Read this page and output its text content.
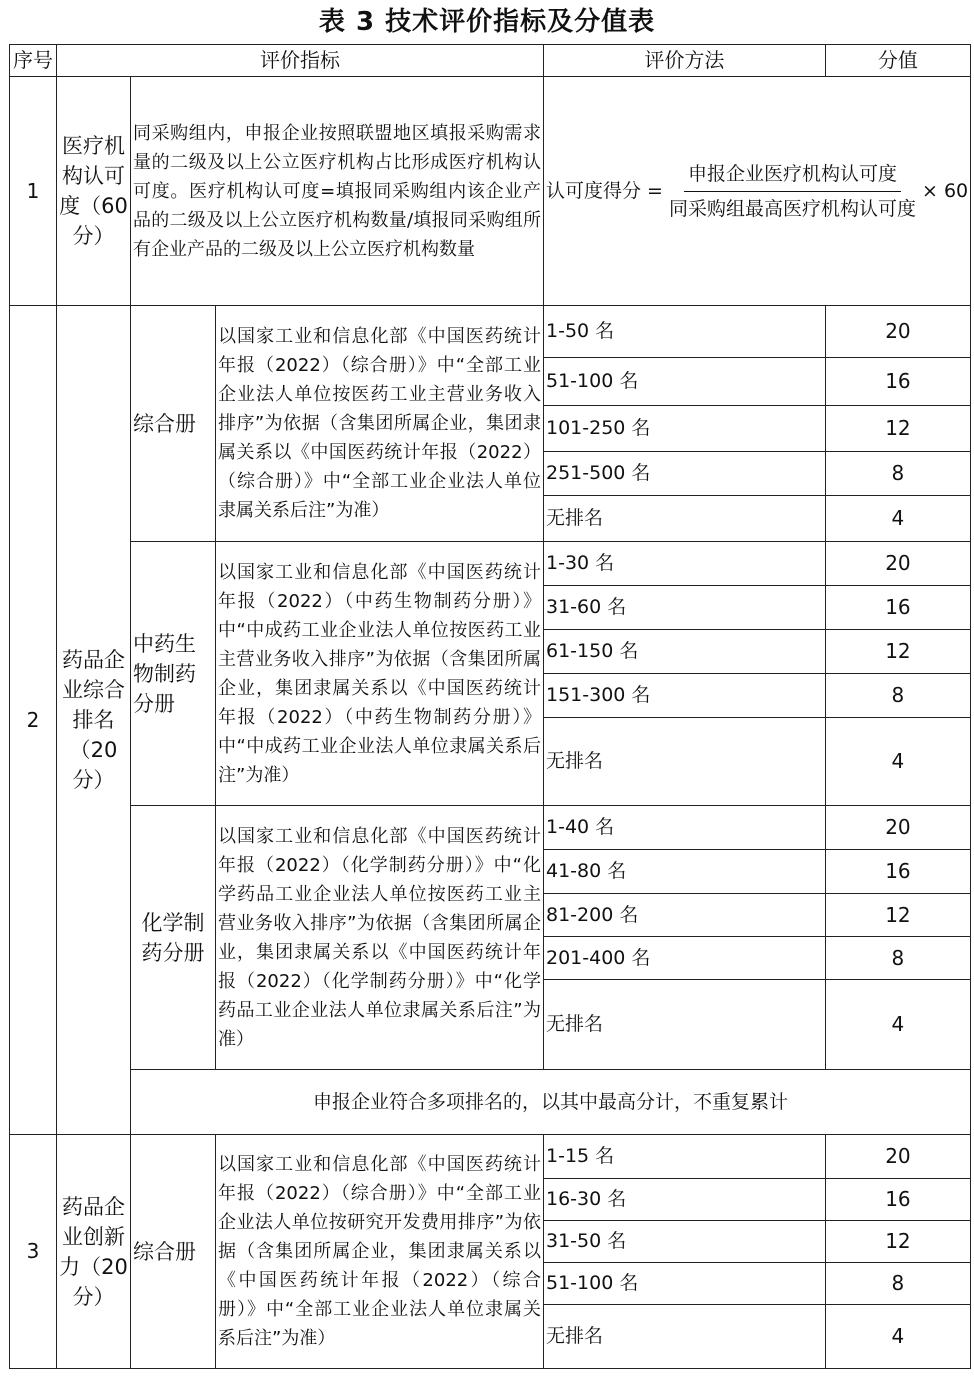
表 3 技术评价指标及分值表
序号	评价指标			评价方法	分值
1	医疗机构认可度（60分）	同采购组内，申报企业按照联盟地区填报采购需求量的二级及以上公立医疗机构占比形成医疗机构认可度。医疗机构认可度=填报同采购组内该企业产品的二级及以上公立医疗机构数量/填报同采购组所有企业产品的二级及以上公立医疗机构数量		认可度得分 = $\frac{\text{申报企业医疗机构认可度}}{\text{同采购组最高医疗机构认可度}} \times 60$	

2	药品企业综合排名（20分）	综合册	以国家工业和信息化部《中国医药统计年报（2022）（综合册）》中“全部工业企业法人单位按医药工业主营业务收入排序”为依据（含集团所属企业，集团隶属关系以《中国医药统计年报（2022）（综合册）》中“全部工业企业法人单位隶属关系后注”为准）	1-50 名	20
				51-100 名	16
				101-250 名	12
				251-500 名	8
				无排名	4
		中药生物制药分册	以国家工业和信息化部《中国医药统计年报（2022）（中药生物制药分册）》中“中成药工业企业法人单位按医药工业主营业务收入排序”为依据（含集团所属企业，集团隶属关系以《中国医药统计年报（2022）（中药生物制药分册）》中“中成药工业企业法人单位隶属关系后注”为准）	1-30 名	20
				31-60 名	16
				61-150 名	12
				151-300 名	8
				无排名	4
		化学制药分册	以国家工业和信息化部《中国医药统计年报（2022）（化学制药分册）》中“化学药品工业企业法人单位按医药工业主营业务收入排序”为依据（含集团所属企业，集团隶属关系以《中国医药统计年报（2022）（化学制药分册）》中“化学药品工业企业法人单位隶属关系后注”为准）	1-40 名	20
				41-80 名	16
				81-200 名	12
				201-400 名	8
				无排名	4
		申报企业符合多项排名的，以其中最高分计，不重复累计			
3	药品企业创新力（20分）	综合册	以国家工业和信息化部《中国医药统计年报（2022）（综合册）》中“全部工业企业法人单位按研究开发费用排序”为依据（含集团所属企业，集团隶属关系以《中国医药统计年报（2022）（综合册）》中“全部工业企业法人单位隶属关系后注”为准）	1-15 名	20
				16-30 名	16
				31-50 名	12
				51-100 名	8
				无排名	4
